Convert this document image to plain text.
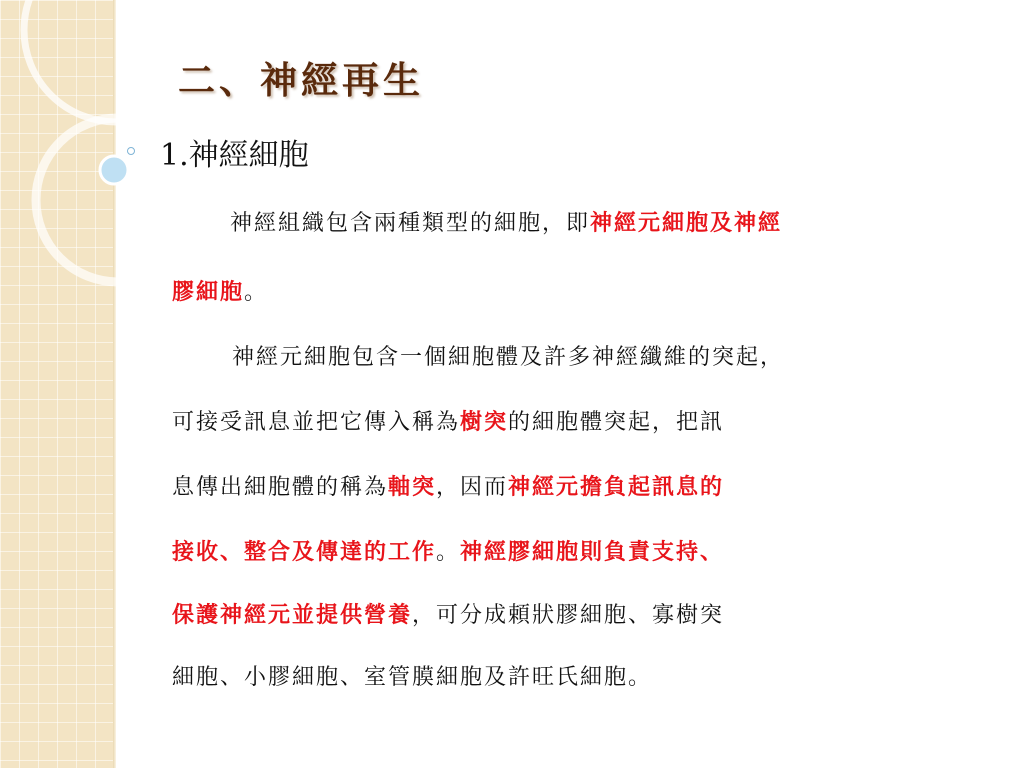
二、神經再生
1.神經細胞
神經組織包含兩種類型的細胞，即神經元細胞及神經
膠細胞。
神經元細胞包含一個細胞體及許多神經纖維的突起，
可接受訊息並把它傳入稱為樹突的細胞體突起，把訊
息傳出細胞體的稱為軸突，因而神經元擔負起訊息的
接收、整合及傳達的工作。神經膠細胞則負責支持、
保護神經元並提供營養，可分成頼狀膠細胞、寡樹突
細胞、小膠細胞、室管膜細胞及許旺氏細胞。
